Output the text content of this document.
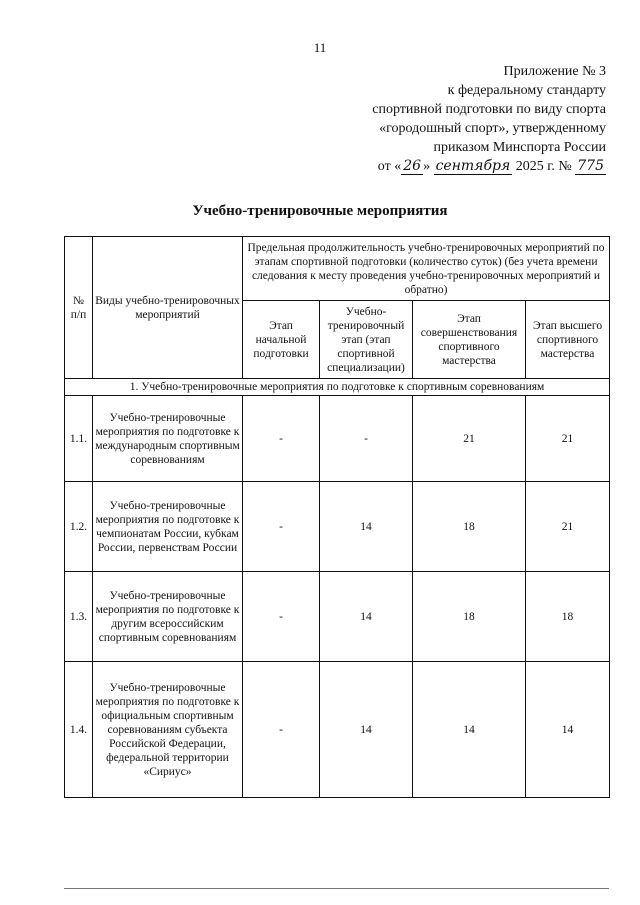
11
Приложение № 3
к федеральному стандарту
спортивной подготовки по виду спорта
«городошный спорт», утвержденному
приказом Минспорта России
от « 26 » сентября 2025 г. № 775
Учебно-тренировочные мероприятия
№ п/п	Виды учебно-тренировочных мероприятий	Предельная продолжительность учебно-тренировочных мероприятий по этапам спортивной подготовки (количество суток) (без учета времени следования к месту проведения учебно-тренировочных мероприятий и обратно)			
		Этап начальной подготовки	Учебно-тренировочный этап (этап спортивной специализации)	Этап совершенствования спортивного мастерства	Этап высшего спортивного мастерства
1. Учебно-тренировочные мероприятия по подготовке к спортивным соревнованиям					
1.1.	Учебно-тренировочные мероприятия по подготовке к международным спортивным соревнованиям	-	-	21	21
1.2.	Учебно-тренировочные мероприятия по подготовке к чемпионатам России, кубкам России, первенствам России	-	14	18	21
1.3.	Учебно-тренировочные мероприятия по подготовке к другим всероссийским спортивным соревнованиям	-	14	18	18
1.4.	Учебно-тренировочные мероприятия по подготовке к официальным спортивным соревнованиям субъекта Российской Федерации, федеральной территории «Сириус»	-	14	14	14
